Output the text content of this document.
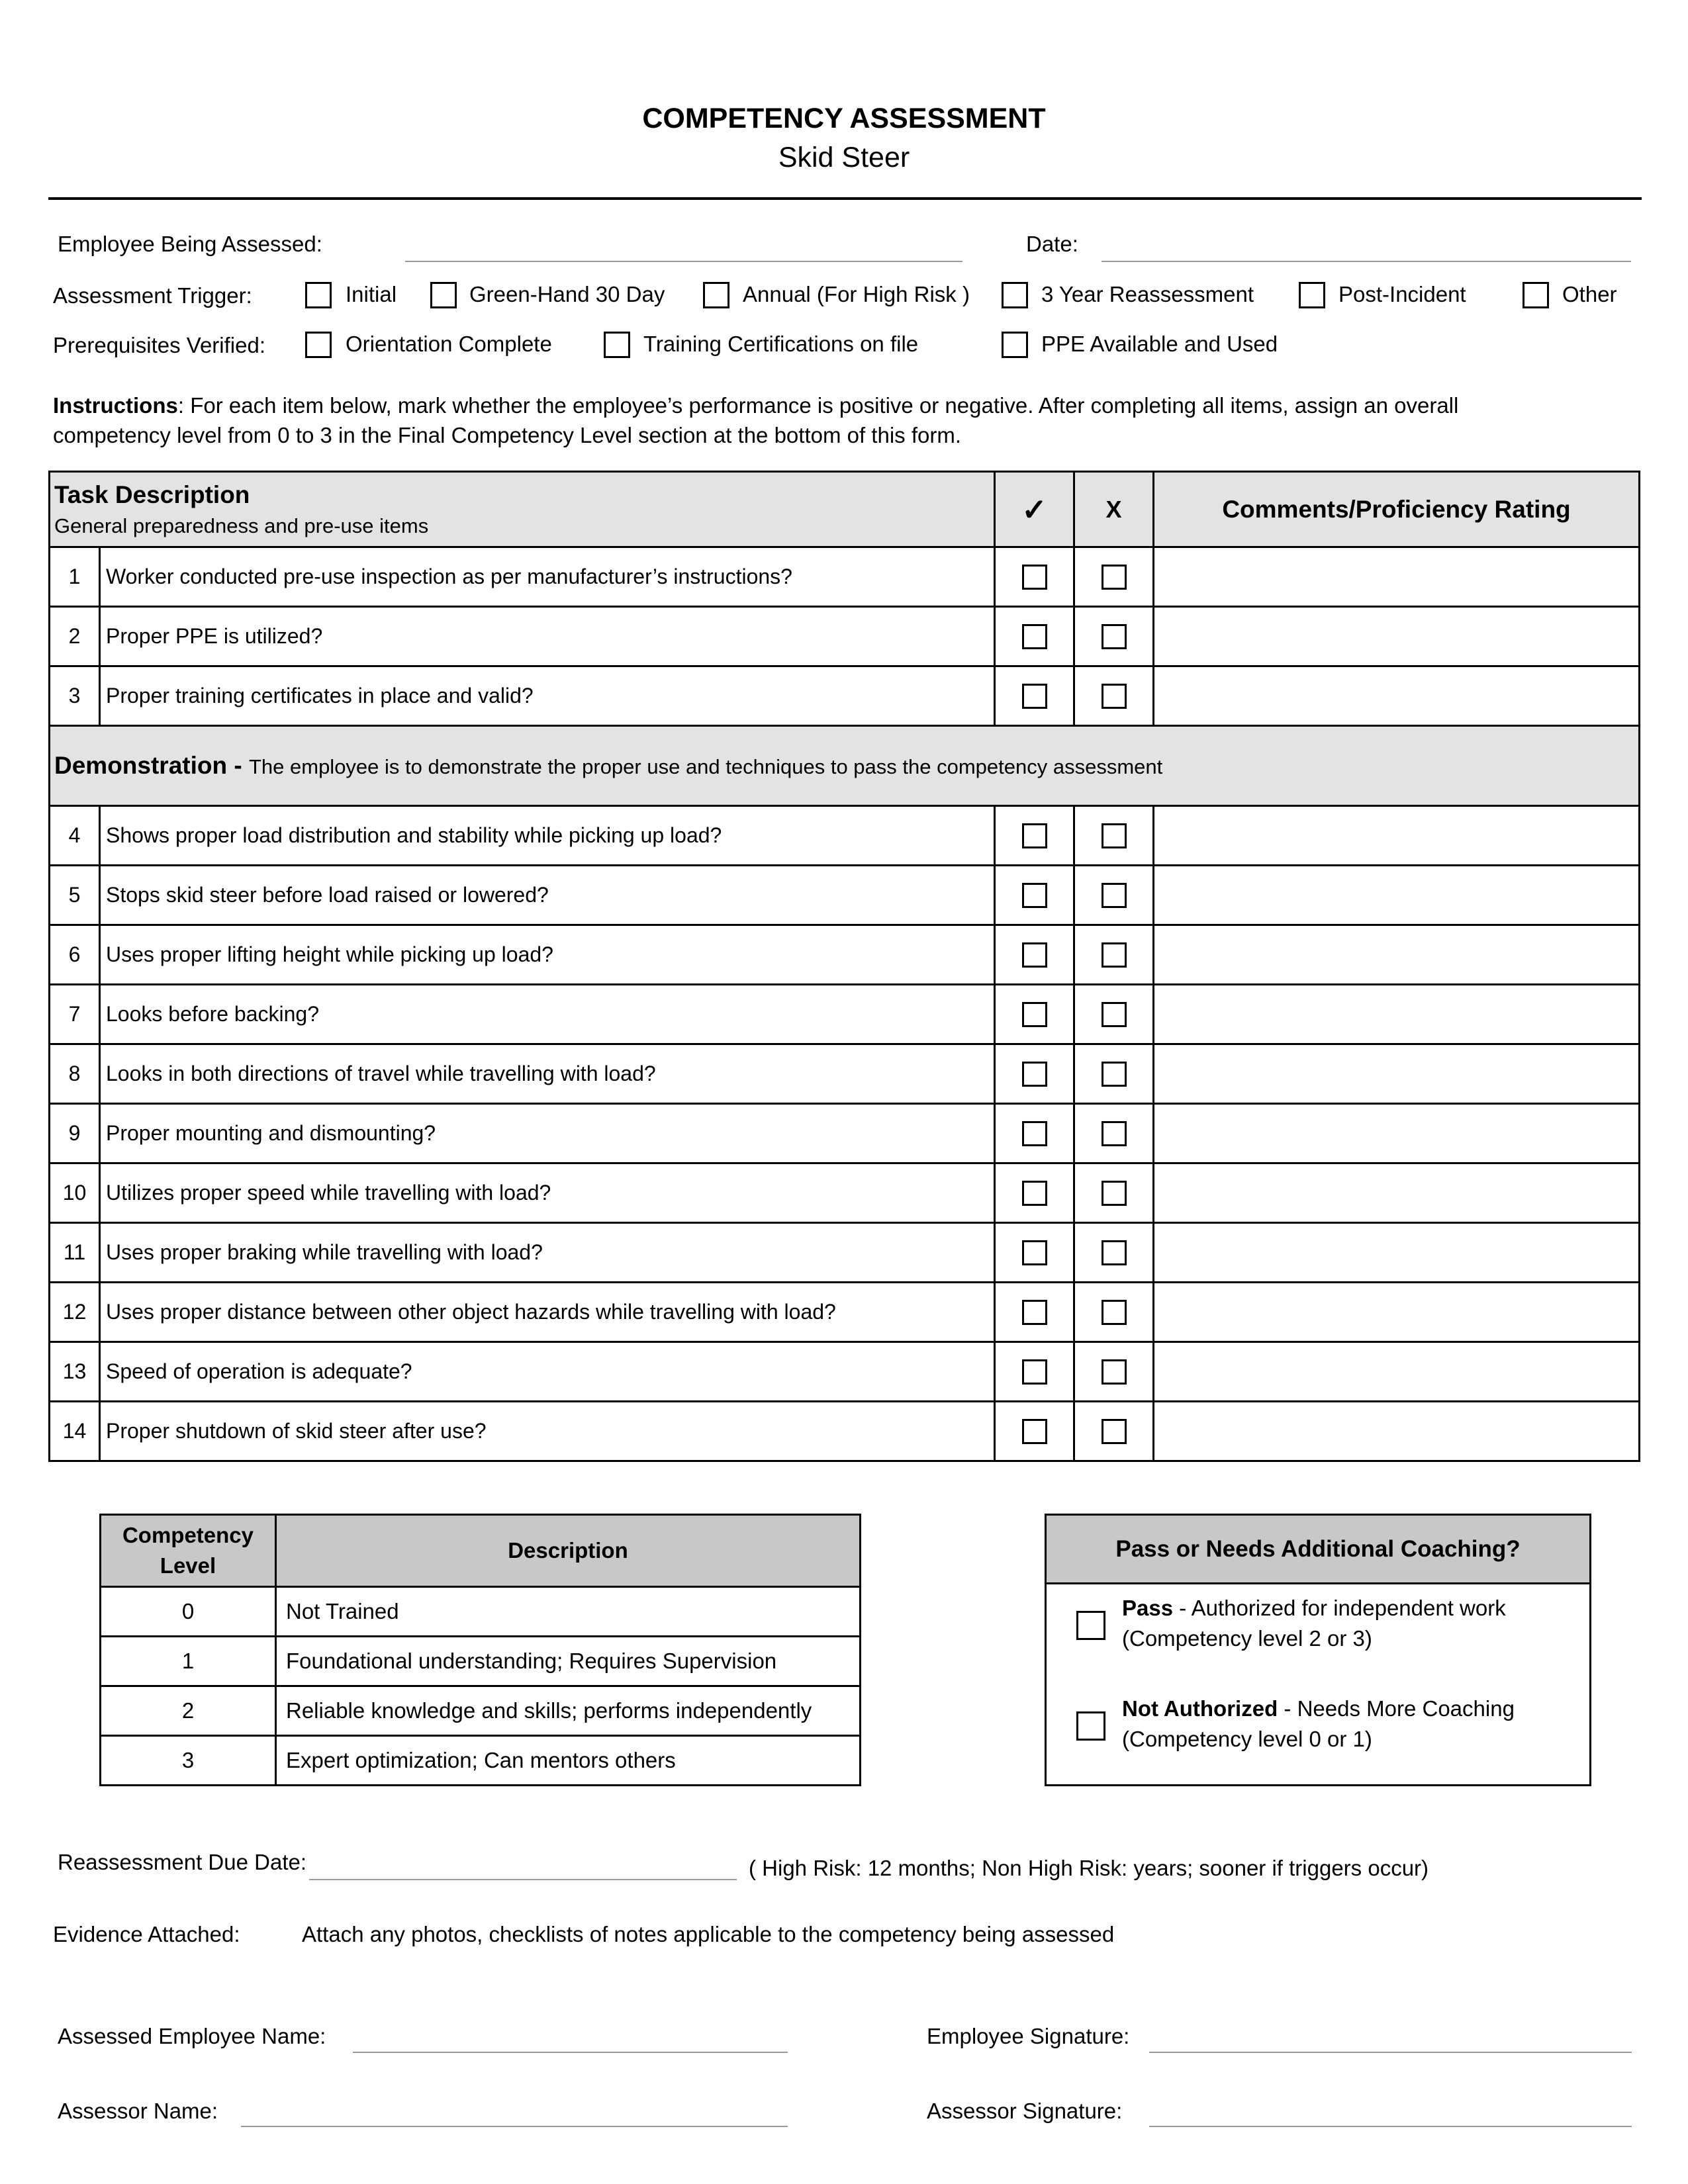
COMPETENCY ASSESSMENT
Skid Steer
Employee Being Assessed:	Date:
Assessment Trigger:	Initial	Green-Hand 30 Day	Annual (For High Risk )	3 Year Reassessment	Post-Incident	Other
Prerequisites Verified:	Orientation Complete	Training Certifications on file	PPE Available and Used
Instructions: For each item below, mark whether the employee’s performance is positive or negative. After completing all items, assign an overall
competency level from 0 to 3 in the Final Competency Level section at the bottom of this form.
Task Description
General preparedness and pre-use items		✓	X	Comments/Proficiency Rating
1	Worker conducted pre-use inspection as per manufacturer’s instructions?			
2	Proper PPE is utilized?			
3	Proper training certificates in place and valid?			
Demonstration - The employee is to demonstrate the proper use and techniques to pass the competency assessment				
4	Shows proper load distribution and stability while picking up load?			
5	Stops skid steer before load raised or lowered?			
6	Uses proper lifting height while picking up load?			
7	Looks before backing?			
8	Looks in both directions of travel while travelling with load?			
9	Proper mounting and dismounting?			
10	Utilizes proper speed while travelling with load?			
11	Uses proper braking while travelling with load?			
12	Uses proper distance between other object hazards while travelling with load?			
13	Speed of operation is adequate?			
14	Proper shutdown of skid steer after use?			
Competency
Level	Description
0	Not Trained
1	Foundational understanding; Requires Supervision
2	Reliable knowledge and skills; performs independently
3	Expert optimization; Can mentors others
Pass or Needs Additional Coaching?
Pass - Authorized for independent work
(Competency level 2 or 3)
Not Authorized - Needs More Coaching
(Competency level 0 or 1)
Reassessment Due Date:	( High Risk: 12 months; Non High Risk: years; sooner if triggers occur)
Evidence Attached:	Attach any photos, checklists of notes applicable to the competency being assessed
Assessed Employee Name:	Employee Signature:
Assessor Name:	Assessor Signature:
